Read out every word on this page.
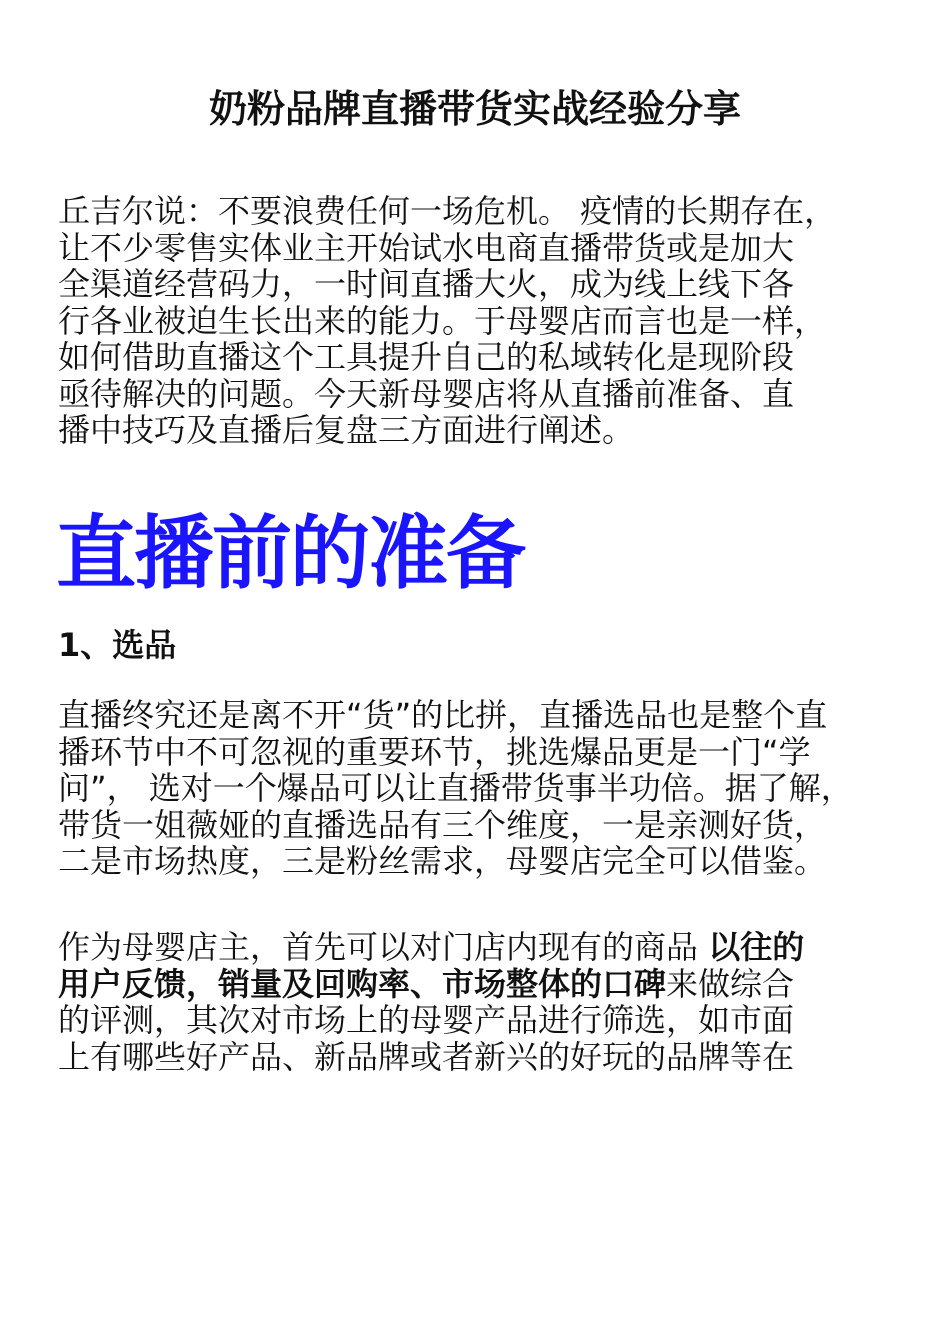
奶粉品牌直播带货实战经验分享
丘吉尔说：不要浪费任何一场危机。 疫情的长期存在，
让不少零售实体业主开始试水电商直播带货或是加大
全渠道经营码力，一时间直播大火，成为线上线下各
行各业被迫生长出来的能力。于母婴店而言也是一样，
如何借助直播这个工具提升自己的私域转化是现阶段
亟待解决的问题。今天新母婴店将从直播前准备、直
播中技巧及直播后复盘三方面进行阐述。
直播前的准备
1、选品
直播终究还是离不开“货”的比拼，直播选品也是整个直
播环节中不可忽视的重要环节，挑选爆品更是一门“学
问”， 选对一个爆品可以让直播带货事半功倍。据了解，
带货一姐薇娅的直播选品有三个维度，一是亲测好货，
二是市场热度，三是粉丝需求，母婴店完全可以借鉴。
作为母婴店主，首先可以对门店内现有的商品 以往的
用户反馈，销量及回购率、市场整体的口碑来做综合
的评测，其次对市场上的母婴产品进行筛选，如市面
上有哪些好产品、新品牌或者新兴的好玩的品牌等在
